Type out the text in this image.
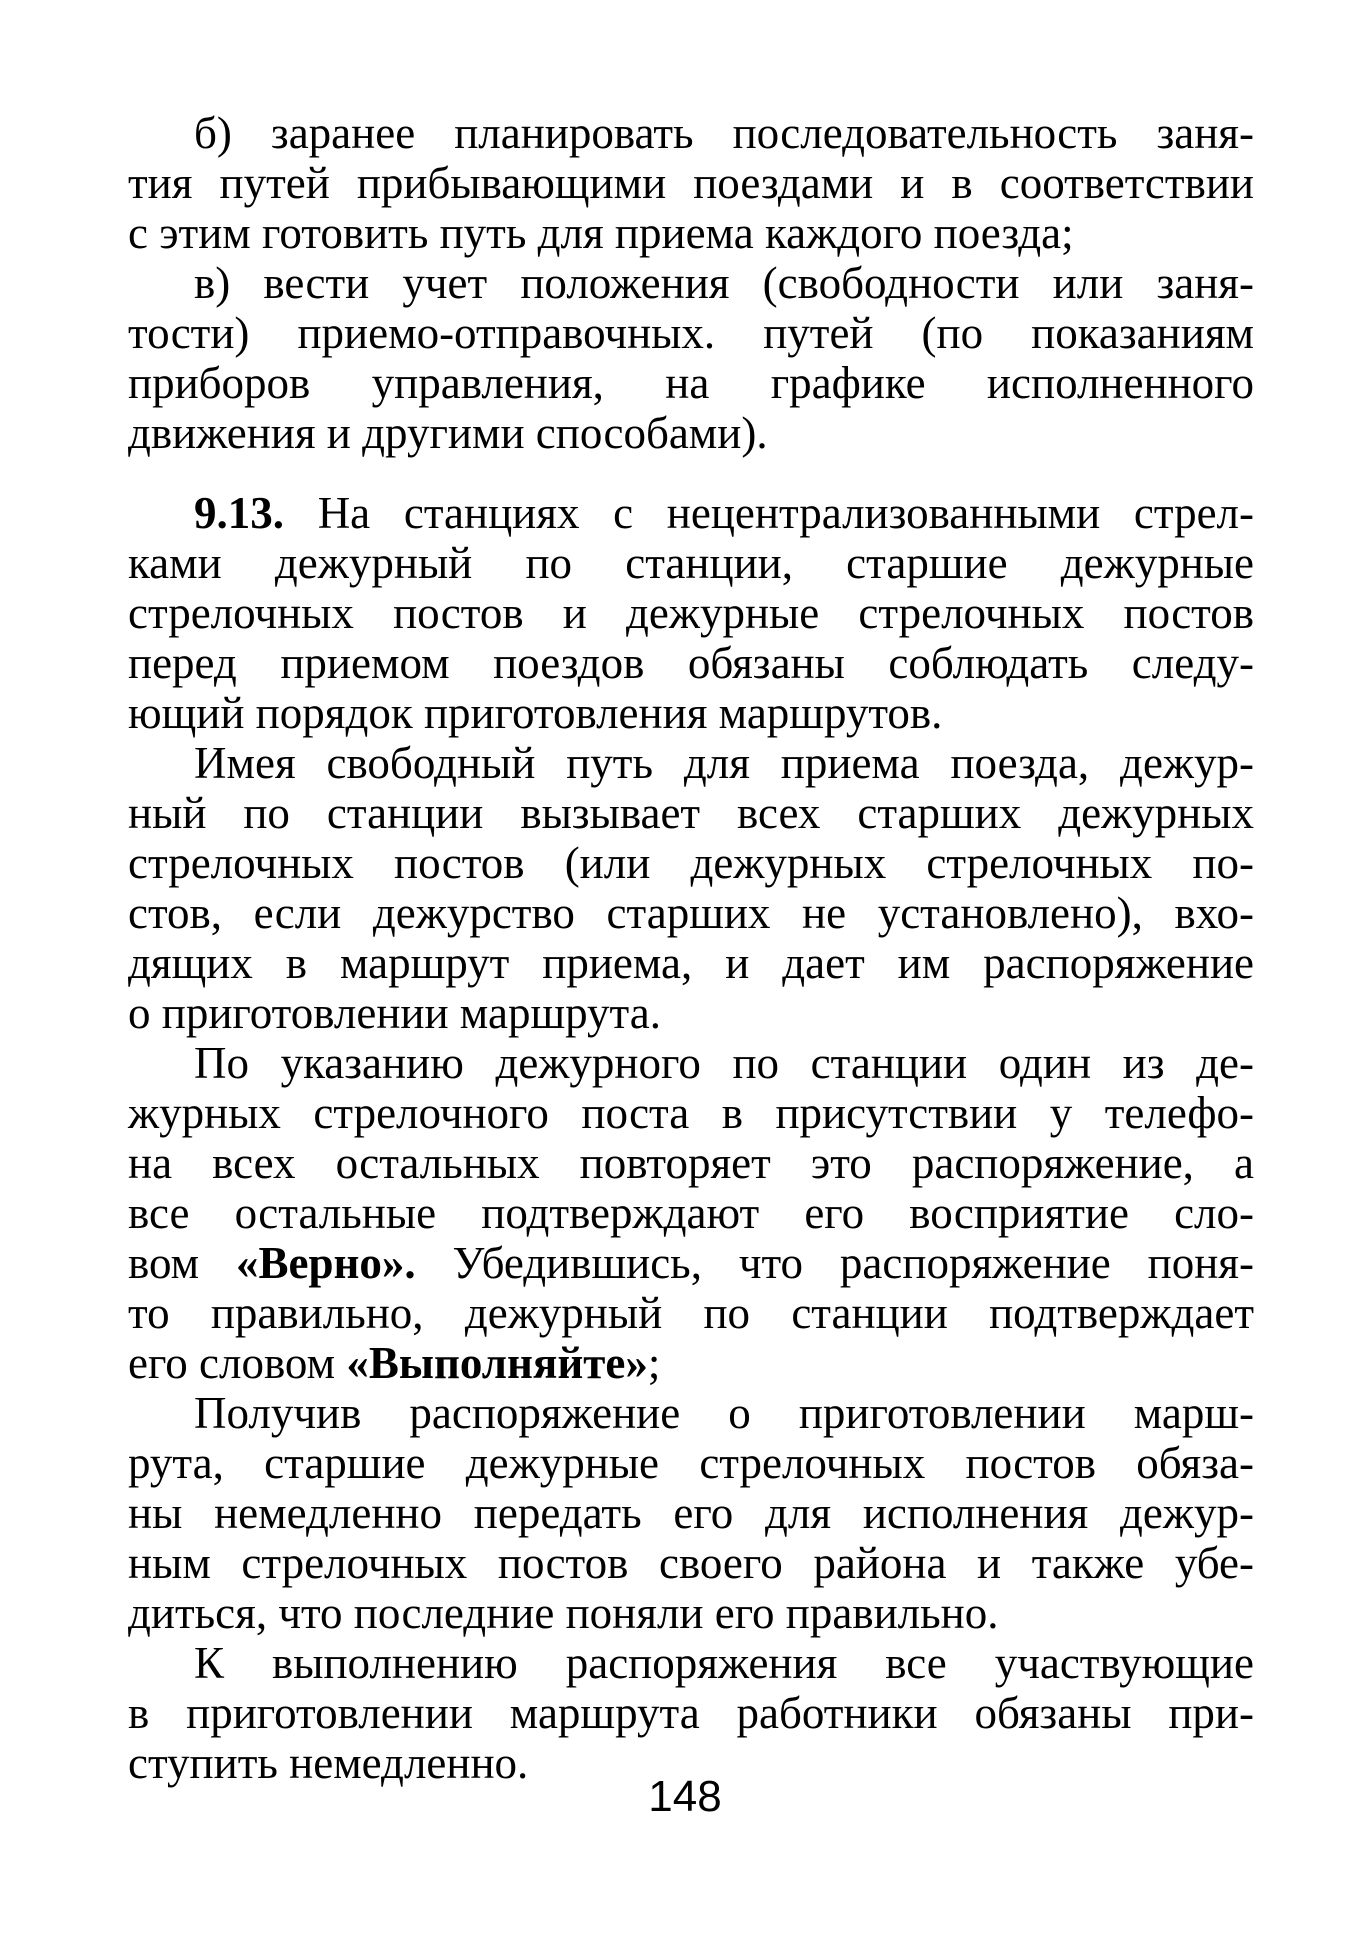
б) заранее планировать последовательность заня-
тия путей прибывающими поездами и в соответствии
с этим готовить путь для приема каждого поезда;
в) вести учет положения (свободности или заня-
тости) приемо-отправочных. путей (по показаниям
приборов управления, на графике исполненного
движения и другими способами).
9.13. На станциях с нецентрализованными стрел-
ками дежурный по станции, старшие дежурные
стрелочных постов и дежурные стрелочных постов
перед приемом поездов обязаны соблюдать следу-
ющий порядок приготовления маршрутов.
Имея свободный путь для приема поезда, дежур-
ный по станции вызывает всех старших дежурных
стрелочных постов (или дежурных стрелочных по-
стов, если дежурство старших не установлено), вхо-
дящих в маршрут приема, и дает им распоряжение
о приготовлении маршрута.
По указанию дежурного по станции один из де-
журных стрелочного поста в присутствии у телефо-
на всех остальных повторяет это распоряжение, а
все остальные подтверждают его восприятие сло-
вом «Верно». Убедившись, что распоряжение поня-
то правильно, дежурный по станции подтверждает
его словом «Выполняйте»;
Получив распоряжение о приготовлении марш-
рута, старшие дежурные стрелочных постов обяза-
ны немедленно передать его для исполнения дежур-
ным стрелочных постов своего района и также убе-
диться, что последние поняли его правильно.
К выполнению распоряжения все участвующие
в приготовлении маршрута работники обязаны при-
ступить немедленно.
148
